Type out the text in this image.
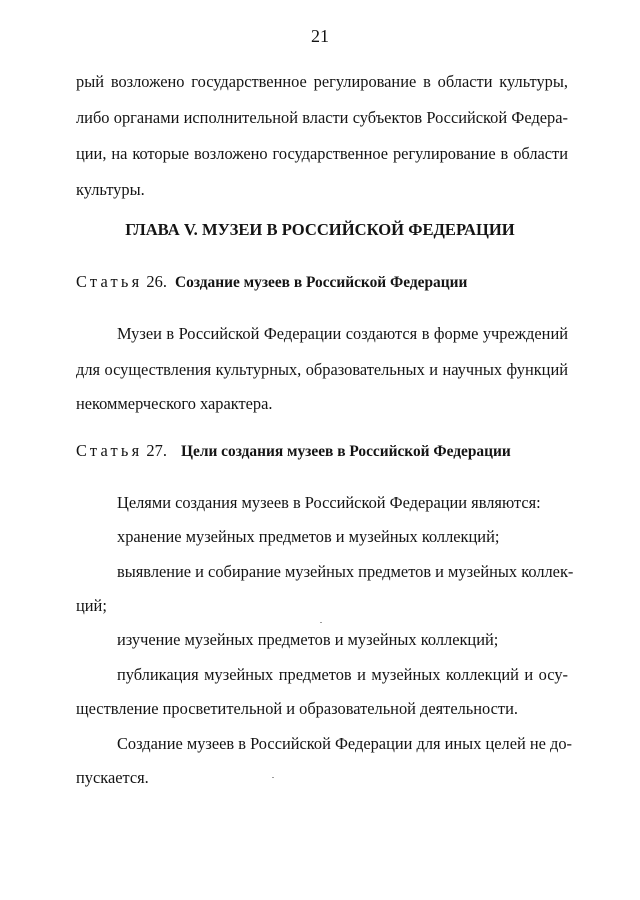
21
рый возложено государственное регулирование в области культуры,
либо органами исполнительной власти субъектов Российской Федера-
ции, на которые возложено государственное регулирование в области
культуры.
ГЛАВА V. МУЗЕИ В РОССИЙСКОЙ ФЕДЕРАЦИИ
Статья 26. Создание музеев в Российской Федерации
Музеи в Российской Федерации создаются в форме учреждений
для осуществления культурных, образовательных и научных функций
некоммерческого характера.
Статья 27. Цели создания музеев в Российской Федерации
Целями создания музеев в Российской Федерации являются:
хранение музейных предметов и музейных коллекций;
выявление и собирание музейных предметов и музейных коллек-
ций;
изучение музейных предметов и музейных коллекций;
публикация музейных предметов и музейных коллекций и осу-
ществление просветительной и образовательной деятельности.
Создание музеев в Российской Федерации для иных целей не до-
пускается.
